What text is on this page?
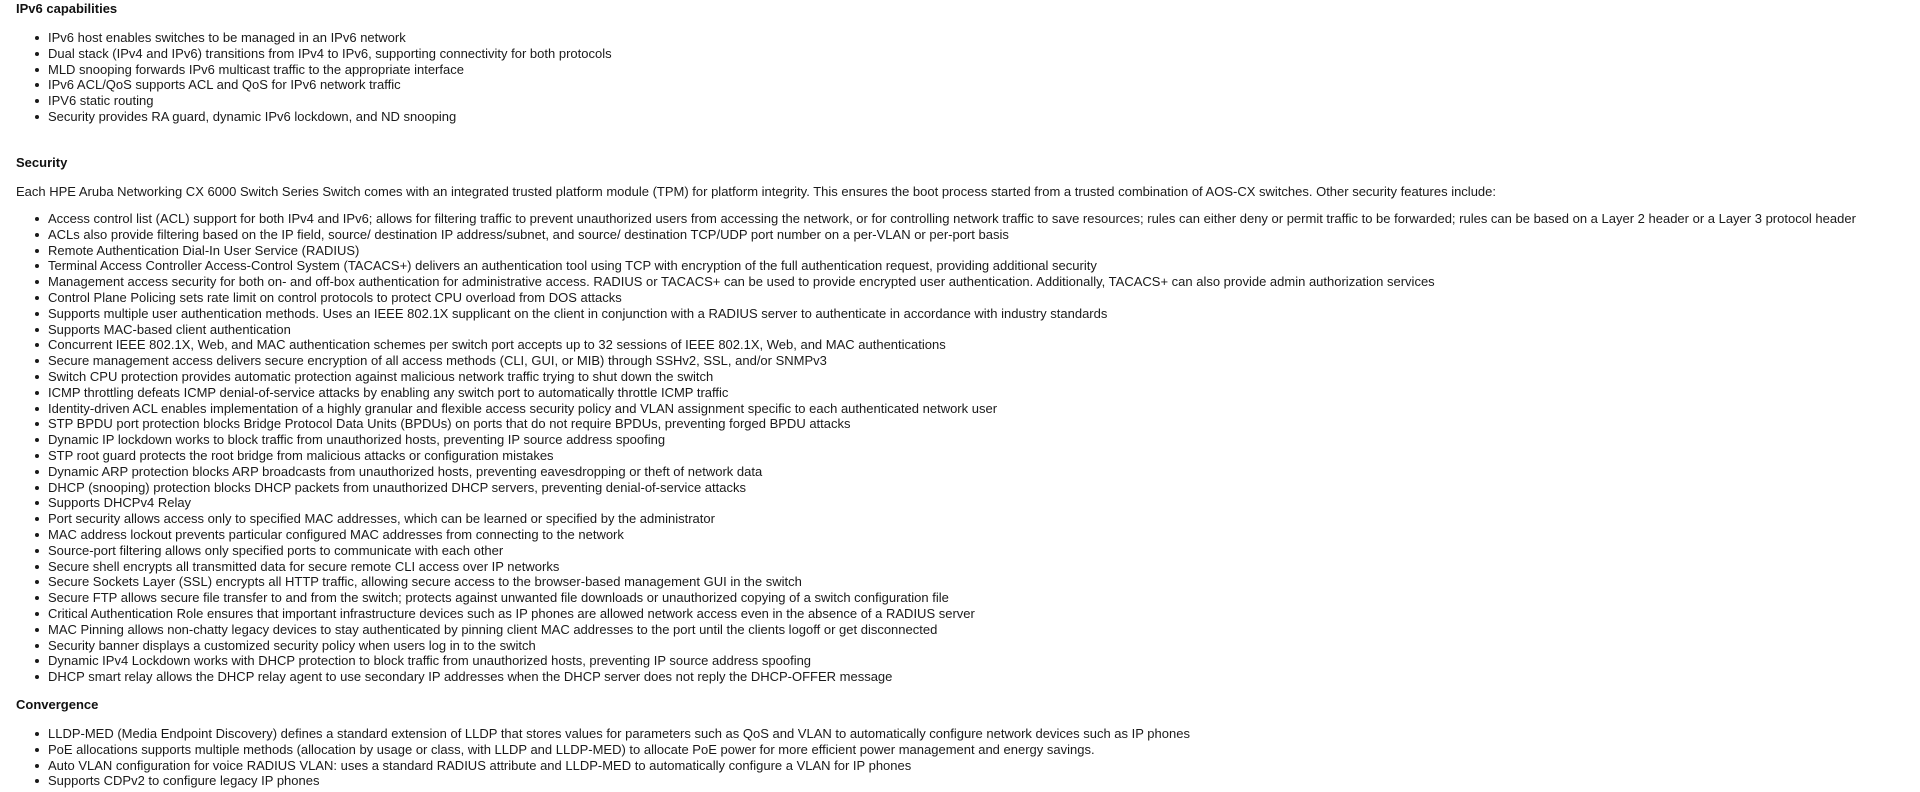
IPv6 capabilities
IPv6 host enables switches to be managed in an IPv6 network
Dual stack (IPv4 and IPv6) transitions from IPv4 to IPv6, supporting connectivity for both protocols
MLD snooping forwards IPv6 multicast traffic to the appropriate interface
IPv6 ACL/QoS supports ACL and QoS for IPv6 network traffic
IPV6 static routing
Security provides RA guard, dynamic IPv6 lockdown, and ND snooping
Security

Each HPE Aruba Networking CX 6000 Switch Series Switch comes with an integrated trusted platform module (TPM) for platform integrity. This ensures the boot process started from a trusted combination of AOS-CX switches. Other security features include:

Access control list (ACL) support for both IPv4 and IPv6; allows for filtering traffic to prevent unauthorized users from accessing the network, or for controlling network traffic to save resources; rules can either deny or permit traffic to be forwarded; rules can be based on a Layer 2 header or a Layer 3 protocol header
ACLs also provide filtering based on the IP field, source/ destination IP address/subnet, and source/ destination TCP/UDP port number on a per-VLAN or per-port basis
Remote Authentication Dial-In User Service (RADIUS)
Terminal Access Controller Access-Control System (TACACS+) delivers an authentication tool using TCP with encryption of the full authentication request, providing additional security
Management access security for both on- and off-box authentication for administrative access. RADIUS or TACACS+ can be used to provide encrypted user authentication. Additionally, TACACS+ can also provide admin authorization services
Control Plane Policing sets rate limit on control protocols to protect CPU overload from DOS attacks
Supports multiple user authentication methods. Uses an IEEE 802.1X supplicant on the client in conjunction with a RADIUS server to authenticate in accordance with industry standards
Supports MAC-based client authentication
Concurrent IEEE 802.1X, Web, and MAC authentication schemes per switch port accepts up to 32 sessions of IEEE 802.1X, Web, and MAC authentications
Secure management access delivers secure encryption of all access methods (CLI, GUI, or MIB) through SSHv2, SSL, and/or SNMPv3
Switch CPU protection provides automatic protection against malicious network traffic trying to shut down the switch
ICMP throttling defeats ICMP denial-of-service attacks by enabling any switch port to automatically throttle ICMP traffic
Identity-driven ACL enables implementation of a highly granular and flexible access security policy and VLAN assignment specific to each authenticated network user
STP BPDU port protection blocks Bridge Protocol Data Units (BPDUs) on ports that do not require BPDUs, preventing forged BPDU attacks
Dynamic IP lockdown works to block traffic from unauthorized hosts, preventing IP source address spoofing
STP root guard protects the root bridge from malicious attacks or configuration mistakes
Dynamic ARP protection blocks ARP broadcasts from unauthorized hosts, preventing eavesdropping or theft of network data
DHCP (snooping) protection blocks DHCP packets from unauthorized DHCP servers, preventing denial-of-service attacks
Supports DHCPv4 Relay
Port security allows access only to specified MAC addresses, which can be learned or specified by the administrator
MAC address lockout prevents particular configured MAC addresses from connecting to the network
Source-port filtering allows only specified ports to communicate with each other
Secure shell encrypts all transmitted data for secure remote CLI access over IP networks
Secure Sockets Layer (SSL) encrypts all HTTP traffic, allowing secure access to the browser-based management GUI in the switch
Secure FTP allows secure file transfer to and from the switch; protects against unwanted file downloads or unauthorized copying of a switch configuration file
Critical Authentication Role ensures that important infrastructure devices such as IP phones are allowed network access even in the absence of a RADIUS server
MAC Pinning allows non-chatty legacy devices to stay authenticated by pinning client MAC addresses to the port until the clients logoff or get disconnected
Security banner displays a customized security policy when users log in to the switch
Dynamic IPv4 Lockdown works with DHCP protection to block traffic from unauthorized hosts, preventing IP source address spoofing
DHCP smart relay allows the DHCP relay agent to use secondary IP addresses when the DHCP server does not reply the DHCP-OFFER message
Convergence
LLDP-MED (Media Endpoint Discovery) defines a standard extension of LLDP that stores values for parameters such as QoS and VLAN to automatically configure network devices such as IP phones
PoE allocations supports multiple methods (allocation by usage or class, with LLDP and LLDP-MED) to allocate PoE power for more efficient power management and energy savings.
Auto VLAN configuration for voice RADIUS VLAN: uses a standard RADIUS attribute and LLDP-MED to automatically configure a VLAN for IP phones
Supports CDPv2 to configure legacy IP phones
